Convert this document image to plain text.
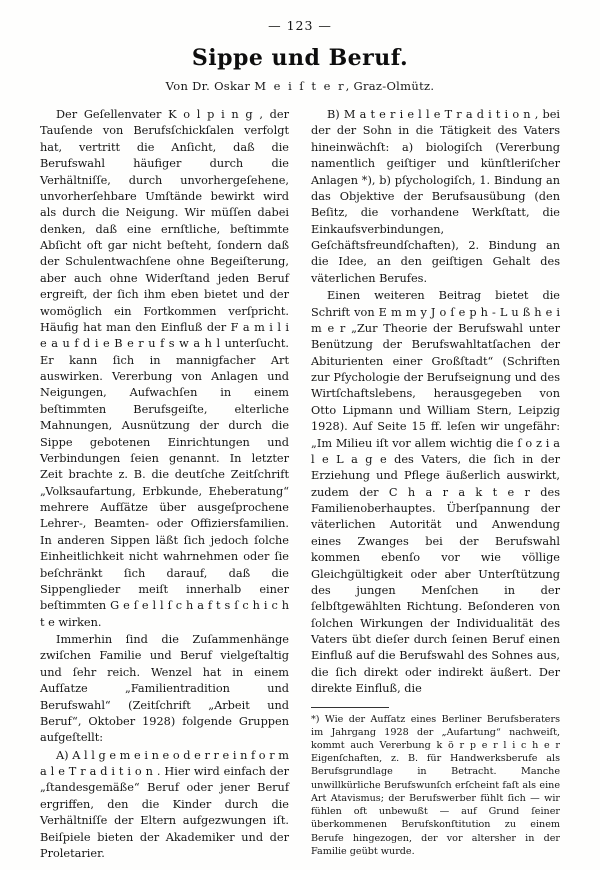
— 123 —
Sippe und Beruf.
Von Dr. Oskar M e i ſ t e r, Graz-Olmütz.

Der Geſellenvater K o l p i n g , der Tauſende von Berufsſchickſalen verfolgt hat, vertritt die Anſicht, daß die Berufswahl häufiger durch die Verhältniſſe, durch unvorhergeſehene, unvorherſehbare Umſtände bewirkt wird als durch die Neigung. Wir müſſen dabei denken, daß eine ernſtliche, beſtimmte Abſicht oft gar nicht beſteht, ſondern daß der Schulentwachſene ohne Begeiſterung, aber auch ohne Widerſtand jeden Beruf ergreift, der ſich ihm eben bietet und der womöglich ein Fortkommen verſpricht. Häufig hat man den Einfluß der F a m i l i e a u f d i e B e r u f s w a h l unterſucht. Er kann ſich in mannigfacher Art auswirken. Vererbung von Anlagen und Neigungen, Aufwachſen in einem beſtimmten Berufsgeiſte, elterliche Mahnungen, Ausnützung der durch die Sippe gebotenen Einrichtungen und Verbindungen ſeien genannt. In letzter Zeit brachte z. B. die deutſche Zeitſchrift „Volksaufartung, Erbkunde, Eheberatung“ mehrere Aufſätze über ausgeſprochene Lehrer-, Beamten- oder Offiziersfamilien. In anderen Sippen läßt ſich jedoch ſolche Einheitlichkeit nicht wahrnehmen oder ſie beſchränkt ſich darauf, daß die Sippenglieder meiſt innerhalb einer beſtimmten G e ſ e l l ſ c h a f t s ſ c h i c h t e wirken.

Immerhin ſind die Zuſammenhänge zwiſchen Familie und Beruf vielgeſtaltig und ſehr reich. Wenzel hat in einem Aufſatze „Familientradition und Berufswahl“ (Zeitſchrift „Arbeit und Beruf“, Oktober 1928) folgende Gruppen aufgeſtellt:

A) A l l g e m e i n e o d e r r e i n f o r m a l e T r a d i t i o n . Hier wird einfach der „ſtandesgemäße“ Beruf oder jener Beruf ergriffen, den die Kinder durch die Verhältniſſe der Eltern aufgezwungen iſt. Beiſpiele bieten der Akademiker und der Proletarier.

B) M a t e r i e l l e T r a d i t i o n , bei der der Sohn in die Tätigkeit des Vaters hineinwächſt: a) biologiſch (Vererbung namentlich geiſtiger und künſtleriſcher Anlagen *), b) pſychologiſch, 1. Bindung an das Objektive der Berufsausübung (den Beſitz, die vorhandene Werkſtatt, die Einkaufsverbindungen, Geſchäftsfreundſchaften), 2. Bindung an die Idee, an den geiſtigen Gehalt des väterlichen Berufes.

Einen weiteren Beitrag bietet die Schrift von E m m y J o ſ e p h - L u ß h e i m e r „Zur Theorie der Berufswahl unter Benützung der Berufswahltatſachen der Abiturienten einer Großſtadt“ (Schriften zur Pſychologie der Berufseignung und des Wirtſchaftslebens, herausgegeben von Otto Lipmann und William Stern, Leipzig 1928). Auf Seite 15 ff. leſen wir ungefähr: „Im Milieu iſt vor allem wichtig die ſ o z i a l e L a g e des Vaters, die ſich in der Erziehung und Pflege äußerlich auswirkt, zudem der C h a r a k t e r des Familienoberhauptes. Überſpannung der väterlichen Autorität und Anwendung eines Zwanges bei der Berufswahl kommen ebenſo vor wie völlige Gleichgültigkeit oder aber Unterſtützung des jungen Menſchen in der ſelbſtgewählten Richtung. Beſonderen von ſolchen Wirkungen der Individualität des Vaters übt dieſer durch ſeinen Beruf einen Einfluß auf die Berufswahl des Sohnes aus, die ſich direkt oder indirekt äußert. Der direkte Einfluß, die

*) Wie der Aufſatz eines Berliner Berufsberaters im Jahrgang 1928 der „Aufartung“ nachweiſt, kommt auch Vererbung k ö r p e r l i c h e r Eigenſchaften, z. B. für Handwerksberufe als Berufsgrundlage in Betracht. Manche unwillkürliche Berufswunſch erſcheint faſt als eine Art Atavismus; der Berufswerber fühlt ſich — wir fühlen oft unbewußt — auf Grund ſeiner überkommenen Berufskonſtitution zu einem Berufe hingezogen, der vor altersher in der Familie geübt wurde.
